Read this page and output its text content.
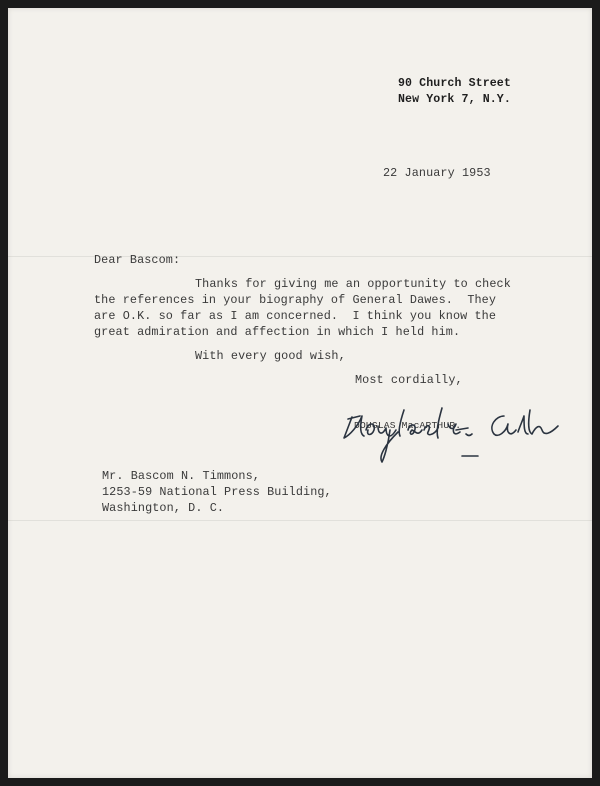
90 Church Street
New York 7, N.Y.
22 January 1953
Dear Bascom:
Thanks for giving me an opportunity to check
the references in your biography of General Dawes.  They
are O.K. so far as I am concerned.  I think you know the
great admiration and affection in which I held him.
With every good wish,
Most cordially,
DOUGLAS MacARTHUR.
Mr. Bascom N. Timmons,
1253-59 National Press Building,
Washington, D. C.
